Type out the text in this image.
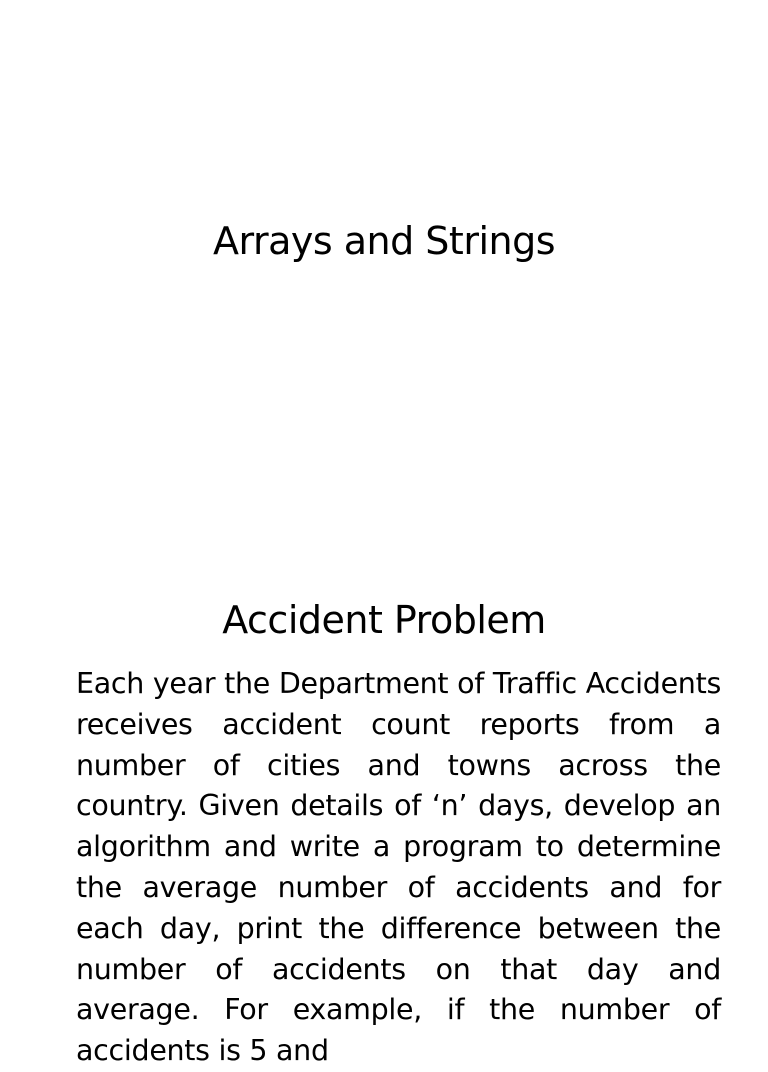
Arrays and Strings
Accident Problem

Each year the Department of Traffic Accidents receives accident count reports from a number of cities and towns across the country. Given details of ‘n’ days, develop an algorithm and write a program to determine the average number of accidents and for each day, print the difference between the number of accidents on that day and average. For example, if the number of accidents is 5 and
